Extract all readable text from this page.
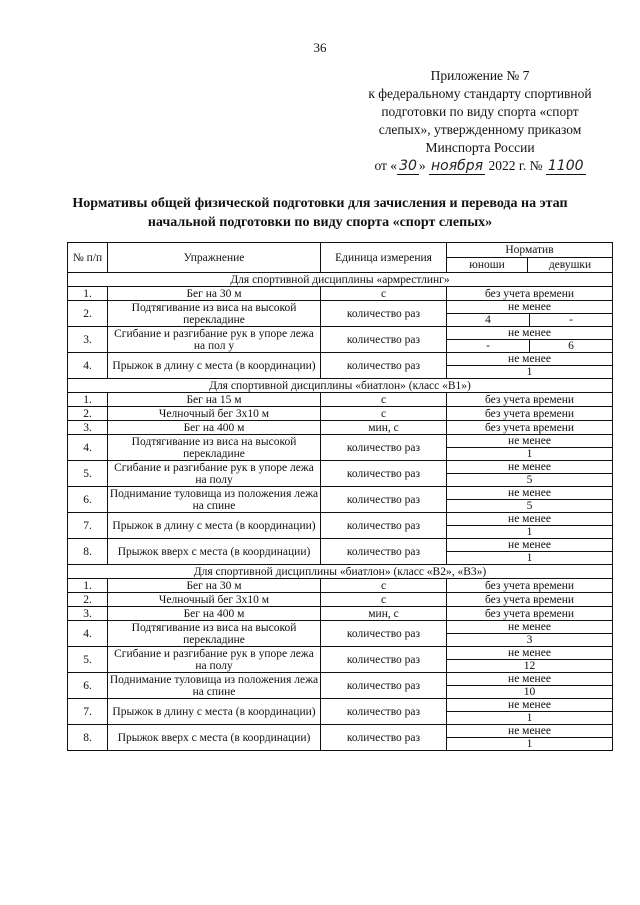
36
Приложение № 7
к федеральному стандарту спортивной
подготовки по виду спорта «спорт
слепых», утвержденному приказом
Минспорта России
от « 30 » ноября 2022 г. № 1100
Нормативы общей физической подготовки для зачисления и перевода на этап начальной подготовки по виду спорта «спорт слепых»
№ п/п	Упражнение	Единица измерения	Норматив	
			юноши	девушки
Для спортивной дисциплины «армрестлинг»				
1.	Бег на 30 м	с	без учета времени	
2.	Подтягивание из виса на высокой перекладине	количество раз	не менее
4 -	

3.	Сгибание и разгибание рук в упоре лежа на пол у	количество раз	не менее
- 6	

4.	Прыжок в длину с места (в координации)	количество раз	не менее
1	

Для спортивной дисциплины «биатлон» (класс «В1»)				
1.	Бег на 15 м	с	без учета времени	
2.	Челночный бег 3х10 м	с	без учета времени	
3.	Бег на 400 м	мин, с	без учета времени	
4.	Подтягивание из виса на высокой перекладине	количество раз	не менее
1	

5.	Сгибание и разгибание рук в упоре лежа на полу	количество раз	не менее
5	

6.	Поднимание туловища из положения лежа на спине	количество раз	не менее
5	

7.	Прыжок в длину с места (в координации)	количество раз	не менее
1	

8.	Прыжок вверх с места (в координации)	количество раз	не менее
1	

Для спортивной дисциплины «биатлон» (класс «В2», «В3»)				
1.	Бег на 30 м	с	без учета времени	
2.	Челночный бег 3х10 м	с	без учета времени	
3.	Бег на 400 м	мин, с	без учета времени	
4.	Подтягивание из виса на высокой перекладине	количество раз	не менее
3	

5.	Сгибание и разгибание рук в упоре лежа на полу	количество раз	не менее
12	

6.	Поднимание туловища из положения лежа на спине	количество раз	не менее
10	

7.	Прыжок в длину с места (в координации)	количество раз	не менее
1	

8.	Прыжок вверх с места (в координации)	количество раз	не менее
1	
